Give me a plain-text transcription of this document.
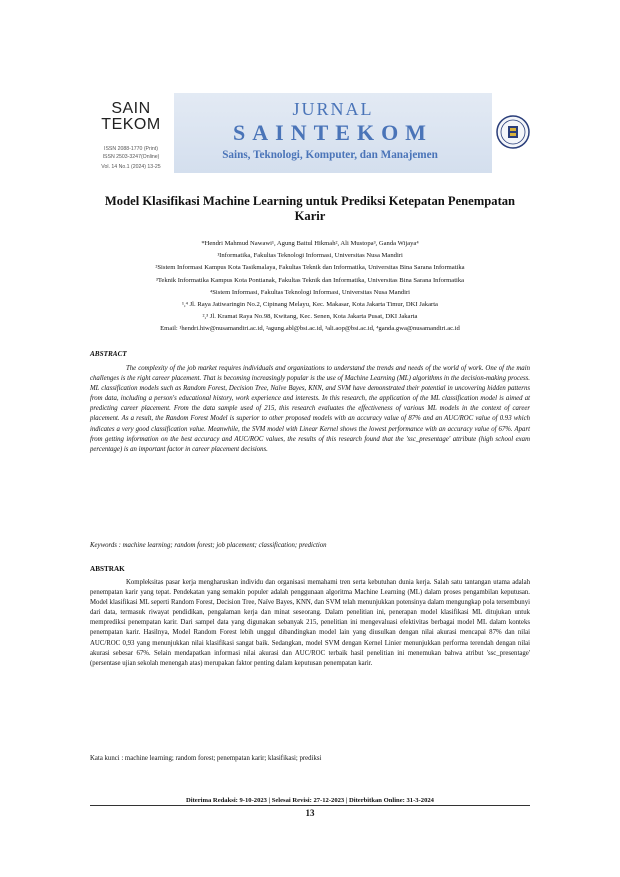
SAIN
TEKOM
ISSN 2088-1770 (Print)
ISSN 2503-3247(Online)
Vol. 14 No.1 (2024) 13-25
JURNAL
SAINTEKOM
Sains, Teknologi, Komputer, dan Manajemen
Model Klasifikasi Machine Learning untuk Prediksi Ketepatan Penempatan Karir
*Hendri Mahmud Nawawi¹, Agung Baitul Hikmah², Ali Mustopa³, Ganda Wijaya⁴
¹Informatika, Fakultas Teknologi Informasi, Universitas Nusa Mandiri
²Sistem Informasi Kampus Kota Tasikmalaya, Fakultas Teknik dan Informatika, Universitas Bina Sarana Informatika
³Teknik Informatika Kampus Kota Pontianak, Fakultas Teknik dan Informatika, Universitas Bina Sarana Informatika
⁴Sistem Informasi, Fakultas Teknologi Informasi, Universitas Nusa Mandiri
¹,⁴ Jl. Raya Jatiwaringin No.2, Cipinang Melayu, Kec. Makasar, Kota Jakarta Timur, DKI Jakarta
²,³ Jl. Kramat Raya No.98, Kwitang, Kec. Senen, Kota Jakarta Pusat, DKI Jakarta
Email: ¹hendri.hiw@nusamandiri.ac.id, ²agung.abl@bsi.ac.id, ³ali.aop@bsi.ac.id, ⁴ganda.gwa@nusamandiri.ac.id
ABSTRACT

The complexity of the job market requires individuals and organizations to understand the trends and needs of the world of work. One of the main challenges is the right career placement. That is becoming increasingly popular is the use of Machine Learning (ML) algorithms in the decision-making process. ML classification models such as Random Forest, Decision Tree, Naïve Bayes, KNN, and SVM have demonstrated their potential in uncovering hidden patterns from data, including a person's educational history, work experience and interests. In this research, the application of the ML classification model is aimed at predicting career placement. From the data sample used of 215, this research evaluates the effectiveness of various ML models in the context of career placement. As a result, the Random Forest Model is superior to other proposed models with an accuracy value of 87% and an AUC/ROC value of 0.93 which indicates a very good classification value. Meanwhile, the SVM model with Linear Kernel shows the lowest performance with an accuracy value of 67%. Apart from getting information on the best accuracy and AUC/ROC values, the results of this research found that the 'ssc_presentage' attribute (high school exam percentage) is an important factor in career placement decisions.

Keywords : machine learning; random forest; job placement; classification; prediction
ABSTRAK

Kompleksitas pasar kerja mengharuskan individu dan organisasi memahami tren serta kebutuhan dunia kerja. Salah satu tantangan utama adalah penempatan karir yang tepat. Pendekatan yang semakin populer adalah penggunaan algoritma Machine Learning (ML) dalam proses pengambilan keputusan. Model klasifikasi ML seperti Random Forest, Decision Tree, Naïve Bayes, KNN, dan SVM telah menunjukkan potensinya dalam mengungkap pola tersembunyi dari data, termasuk riwayat pendidikan, pengalaman kerja dan minat seseorang. Dalam penelitian ini, penerapan model klasifikasi ML ditujukan untuk memprediksi penempatan karir. Dari sampel data yang digunakan sebanyak 215, penelitian ini mengevaluasi efektivitas berbagai model ML dalam konteks penempatan karir. Hasilnya, Model Random Forest lebih unggul dibandingkan model lain yang diusulkan dengan nilai akurasi mencapai 87% dan nilai AUC/ROC 0,93 yang menunjukkan nilai klasifikasi sangat baik. Sedangkan, model SVM dengan Kernel Linier menunjukkan performa terendah dengan nilai akurasi sebesar 67%. Selain mendapatkan informasi nilai akurasi dan AUC/ROC terbaik hasil penelitian ini menemukan bahwa atribut 'ssc_presentage' (persentase ujian sekolah menengah atas) merupakan faktor penting dalam keputusan penempatan karir.

Kata kunci : machine learning; random forest; penempatan karir; klasifikasi; prediksi
Diterima Redaksi: 9-10-2023 | Selesai Revisi: 27-12-2023 | Diterbitkan Online: 31-3-2024
13
